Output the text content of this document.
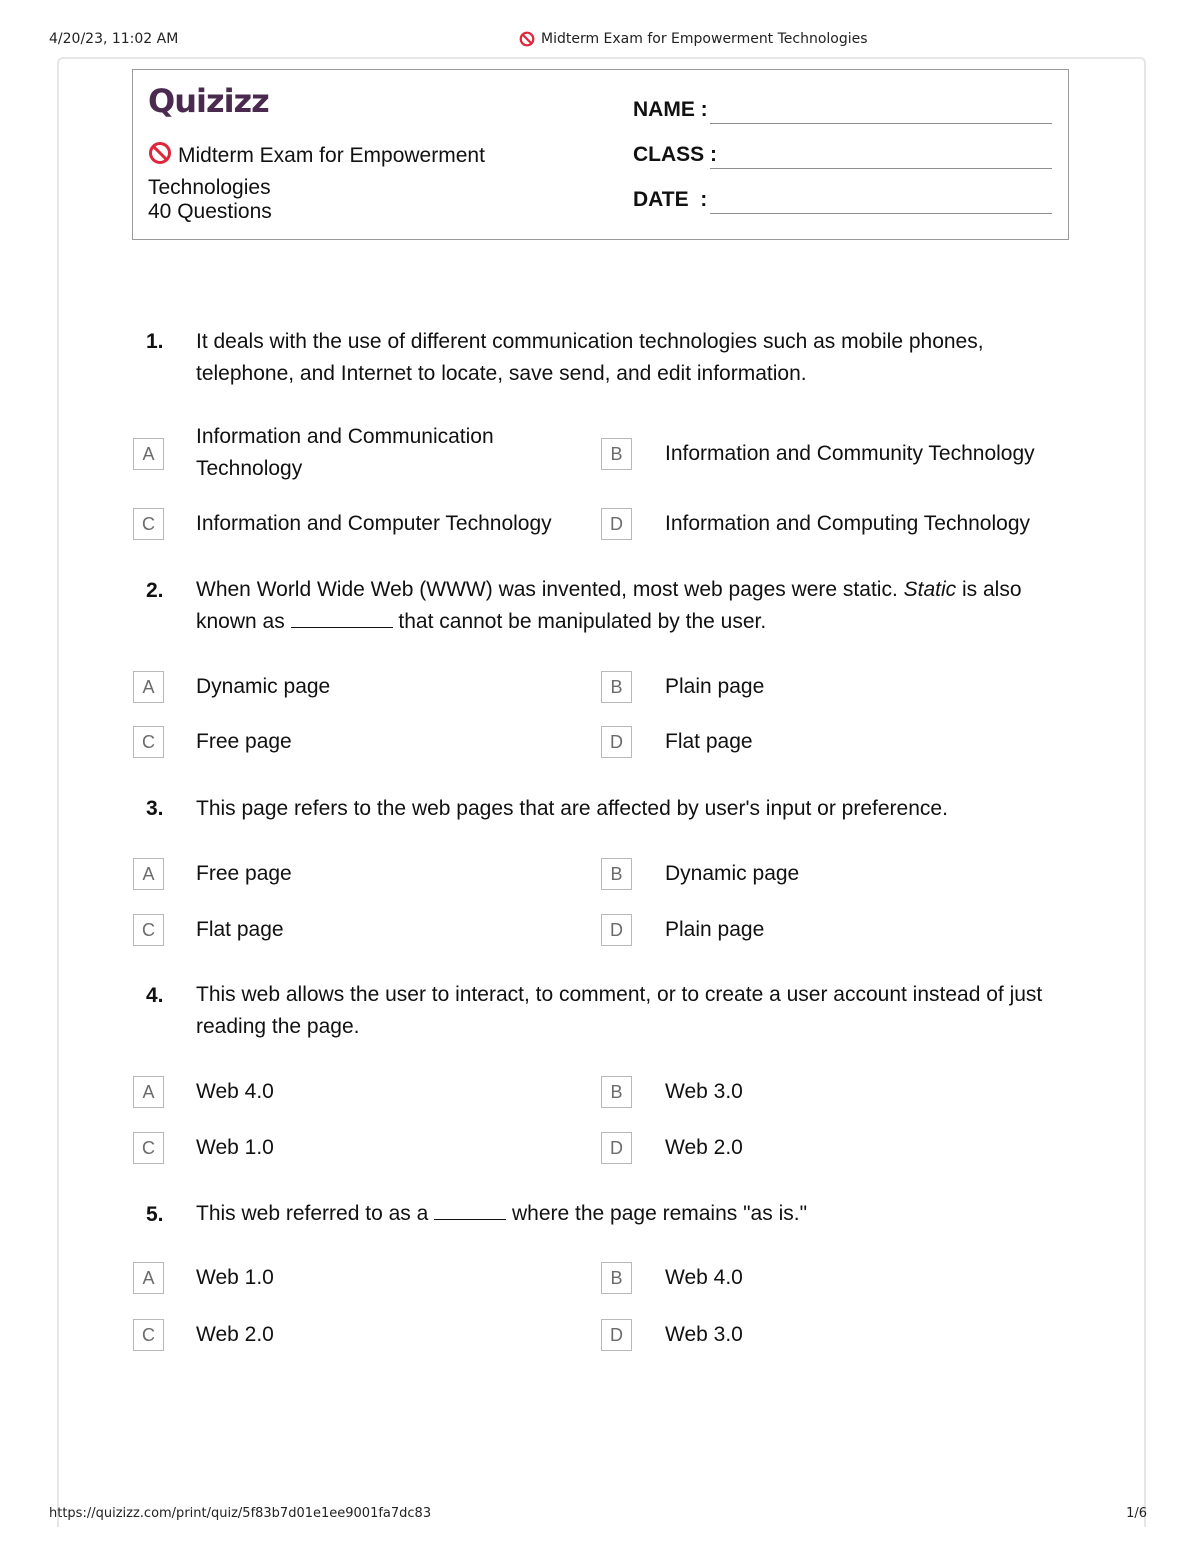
4/20/23, 11:02 AM	Midterm Exam for Empowerment Technologies
Quizizz
Midterm Exam for Empowerment Technologies
40 Questions
NAME :
CLASS :
DATE  :
1. It deals with the use of different communication technologies such as mobile phones, telephone, and Internet to locate, save send, and edit information.
A
Information and Communication Technology
B	Information and Community Technology
C	Information and Computer Technology	D	Information and Computing Technology
2. When World Wide Web (WWW) was invented, most web pages were static. Static is also known as	that cannot be manipulated by the user.
A	Dynamic page	B	Plain page
C	Free page	D	Flat page
3. This page refers to the web pages that are affected by user's input or preference.
A	Free page	B	Dynamic page
C	Flat page	D	Plain page
4. This web allows the user to interact, to comment, or to create a user account instead of just reading the page.
A	Web 4.0	B	Web 3.0
C	Web 1.0	D	Web 2.0
5. This web referred to as a	where the page remains "as is."
A	Web 1.0	B	Web 4.0
C	Web 2.0	D	Web 3.0
https://quizizz.com/print/quiz/5f83b7d01e1ee9001fa7dc83	1/6
